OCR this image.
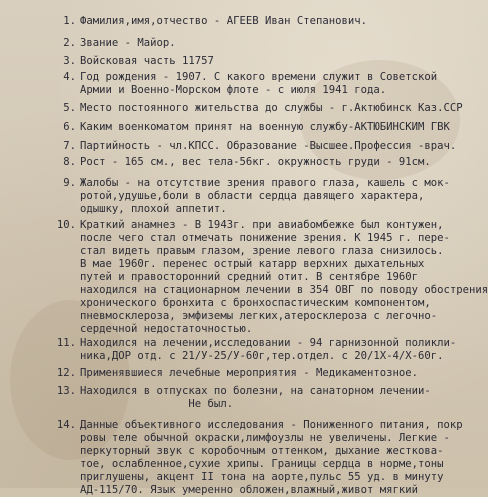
1. Фамилия,имя,отчество - АГЕЕВ Иван Степанович.
2. Звание - Майор.
3. Войсковая часть 11757
4. Год рождения - 1907. С какого времени служит в Советской
Армии и Военно-Морском флоте - с июля 1941 года.
5. Место постоянного жительства до службы - г.Актюбинск Каз.ССР
6. Каким военкоматом принят на военную службу-АКТЮБИНСКИМ ГВК
7. Партийность - чл.КПСС. Образование -Высшее.Профессия -врач.
8. Рост - 165 см., вес тела-56кг. окружность груди - 91см.
9. Жалобы - на отсутствие зрения правого глаза, кашель с мок-
ротой,удушье,боли в области сердца давящего характера,
одышку, плохой аппетит.
10. Краткий анамнез - В 1943г. при авиабомбежке был контужен,
после чего стал отмечать понижение зрения. К 1945 г. пере-
стал видеть правым глазом, зрение левого глаза снизилось.
В мае 1960г. перенес острый катарр верхних дыхательных
путей и правосторонний средний отит. В сентябре 1960г
находился на стационарном лечении в 354 ОВГ по поводу обострения
хронического бронхита с бронхоспастическим компонентом,
пневмосклероза, эмфиземы легких,атеросклероза с легочно-
сердечной недостаточностью.
11. Находился на лечении,исследовании - 94 гарнизонной поликли-
ника,ДОР отд. с 21/У-25/У-60г,тер.отдел. с 20/1Х-4/Х-60г.
12. Применявшиеся лечебные мероприятия - Медикаментозное.
13. Находился в отпусках по болезни, на санаторном лечении-
Не был.
14. Данные объективного исследования - Пониженного питания, покр
ровы теле обычной окраски,лимфоузлы не увеличены. Легкие -
перкуторный звук с коробочным оттенком, дыхание жестковa-
тое, ослабленное,сухие хрипы. Границы сердца в норме,тоны
приглушены, акцент II тона на аорте,пульс 55 уд. в минуту
АД-115/70. Язык умеренно обложен,влажный,живот мягкий
